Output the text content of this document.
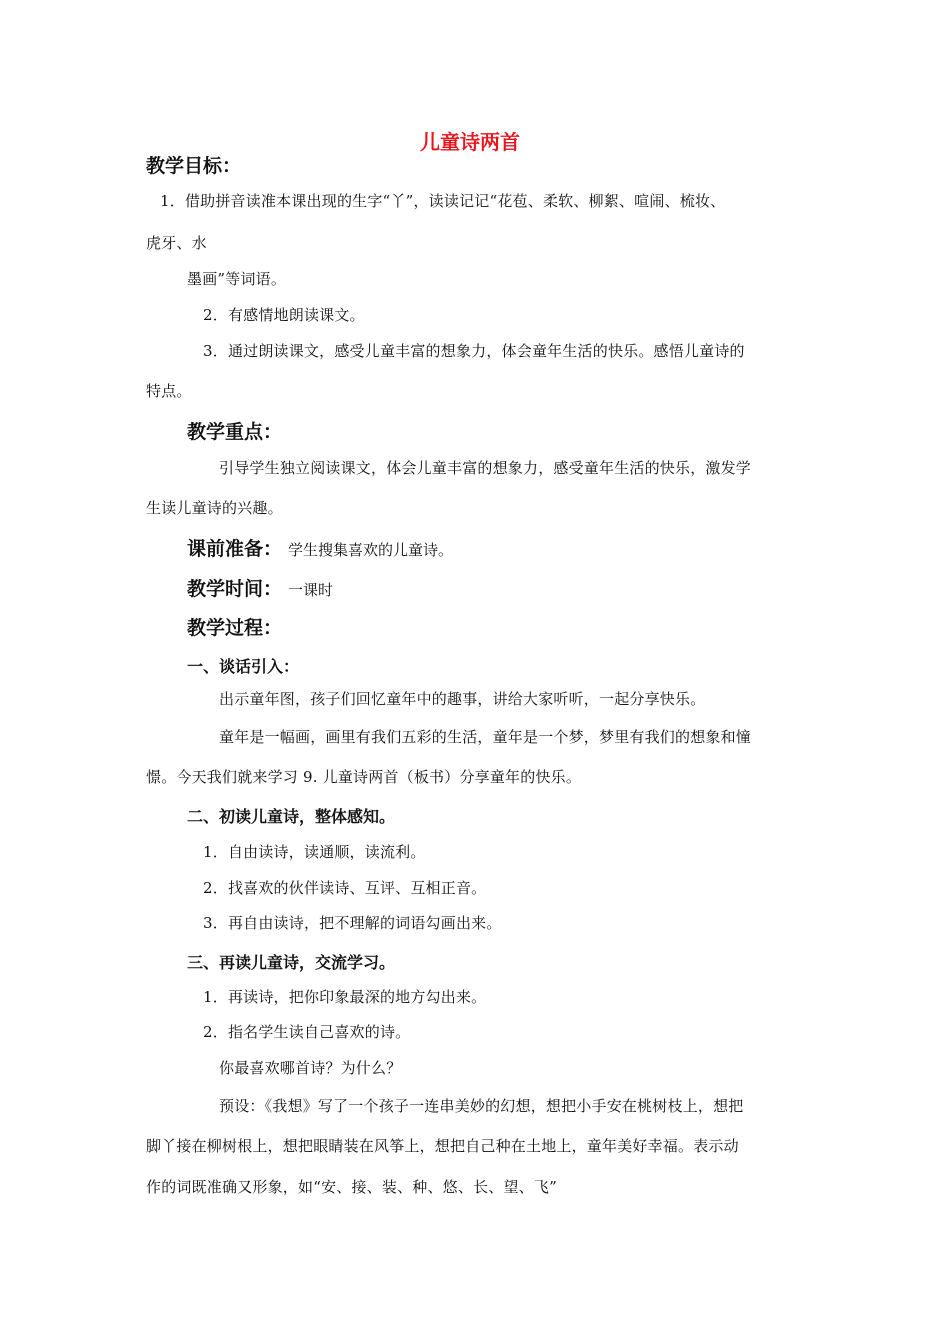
儿童诗两首
教学目标：
1．借助拼音读准本课出现的生字“丫”，读读记记“花苞、柔软、柳絮、喧闹、梳妆、
虎牙、水
墨画”等词语。
2．有感情地朗读课文。
3．通过朗读课文，感受儿童丰富的想象力，体会童年生活的快乐。感悟儿童诗的
特点。
教学重点：
引导学生独立阅读课文，体会儿童丰富的想象力，感受童年生活的快乐，激发学
生读儿童诗的兴趣。
课前准备： 学生搜集喜欢的儿童诗。
教学时间： 一课时
教学过程：
一、谈话引入：
出示童年图，孩子们回忆童年中的趣事，讲给大家听听，一起分享快乐。
童年是一幅画，画里有我们五彩的生活，童年是一个梦，梦里有我们的想象和憧
憬。今天我们就来学习 9. 儿童诗两首（板书）分享童年的快乐。
二、初读儿童诗，整体感知。
1．自由读诗，读通顺，读流利。
2．找喜欢的伙伴读诗、互评、互相正音。
3．再自由读诗，把不理解的词语勾画出来。
三、再读儿童诗，交流学习。
1．再读诗，把你印象最深的地方勾出来。
2．指名学生读自己喜欢的诗。
你最喜欢哪首诗？为什么？
预设：《我想》写了一个孩子一连串美妙的幻想，想把小手安在桃树枝上，想把
脚丫接在柳树根上，想把眼睛装在风筝上，想把自己种在土地上，童年美好幸福。表示动
作的词既准确又形象，如“安、接、装、种、悠、长、望、飞”
